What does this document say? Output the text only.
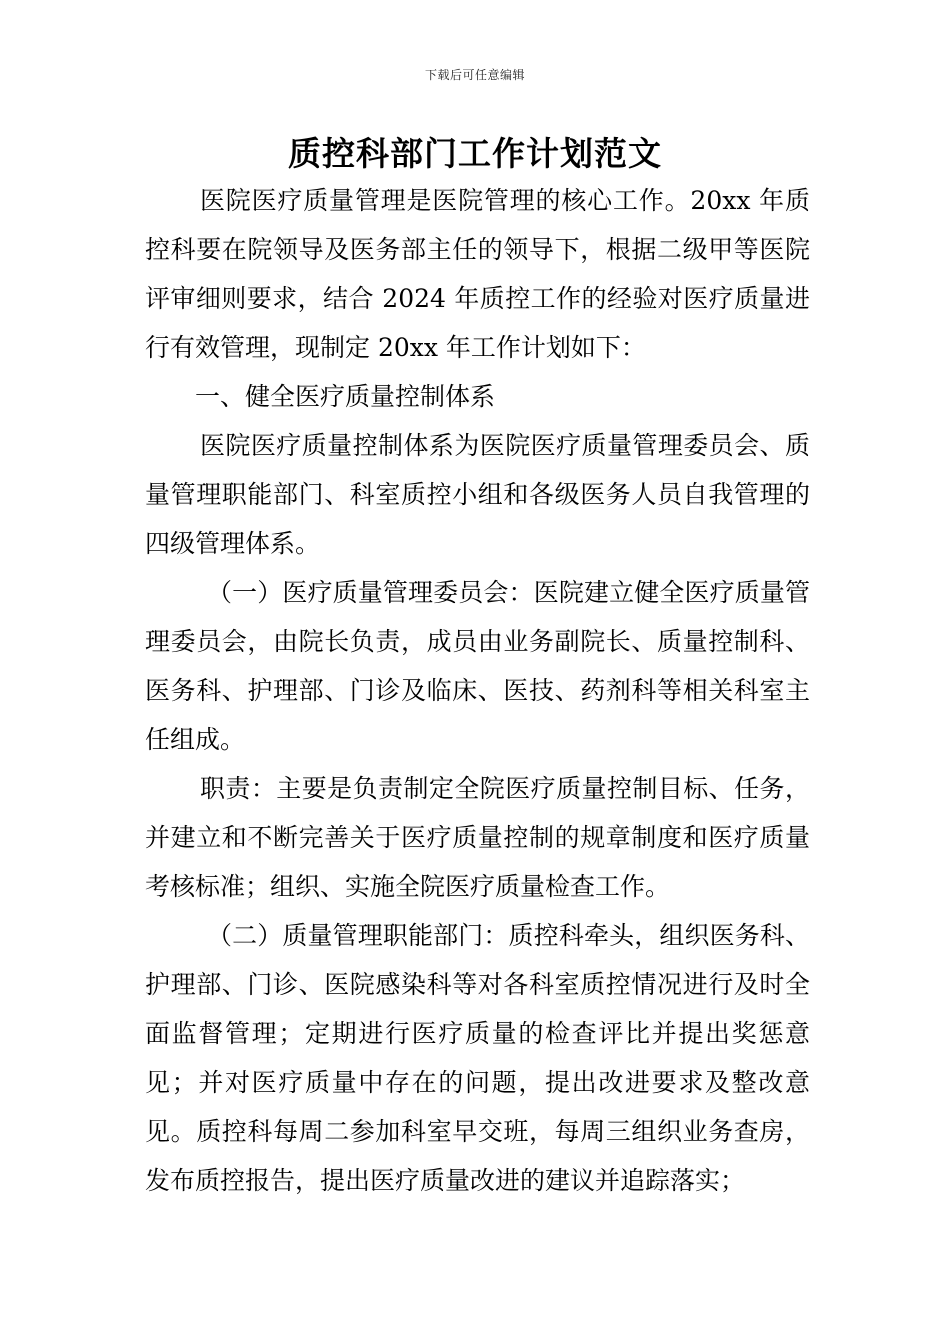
下载后可任意编辑
质控科部门工作计划范文

医院医疗质量管理是医院管理的核心工作。20xx 年质控科要在院领导及医务部主任的领导下，根据二级甲等医院评审细则要求，结合 2024 年质控工作的经验对医疗质量进行有效管理，现制定 20xx 年工作计划如下：

一、健全医疗质量控制体系

医院医疗质量控制体系为医院医疗质量管理委员会、质量管理职能部门、科室质控小组和各级医务人员自我管理的四级管理体系。

（一）医疗质量管理委员会：医院建立健全医疗质量管理委员会，由院长负责，成员由业务副院长、质量控制科、医务科、护理部、门诊及临床、医技、药剂科等相关科室主任组成。

职责：主要是负责制定全院医疗质量控制目标、任务，并建立和不断完善关于医疗质量控制的规章制度和医疗质量考核标准；组织、实施全院医疗质量检查工作。

（二）质量管理职能部门：质控科牵头，组织医务科、护理部、门诊、医院感染科等对各科室质控情况进行及时全面监督管理；定期进行医疗质量的检查评比并提出奖惩意见；并对医疗质量中存在的问题，提出改进要求及整改意见。质控科每周二参加科室早交班，每周三组织业务查房，发布质控报告，提出医疗质量改进的建议并追踪落实；
